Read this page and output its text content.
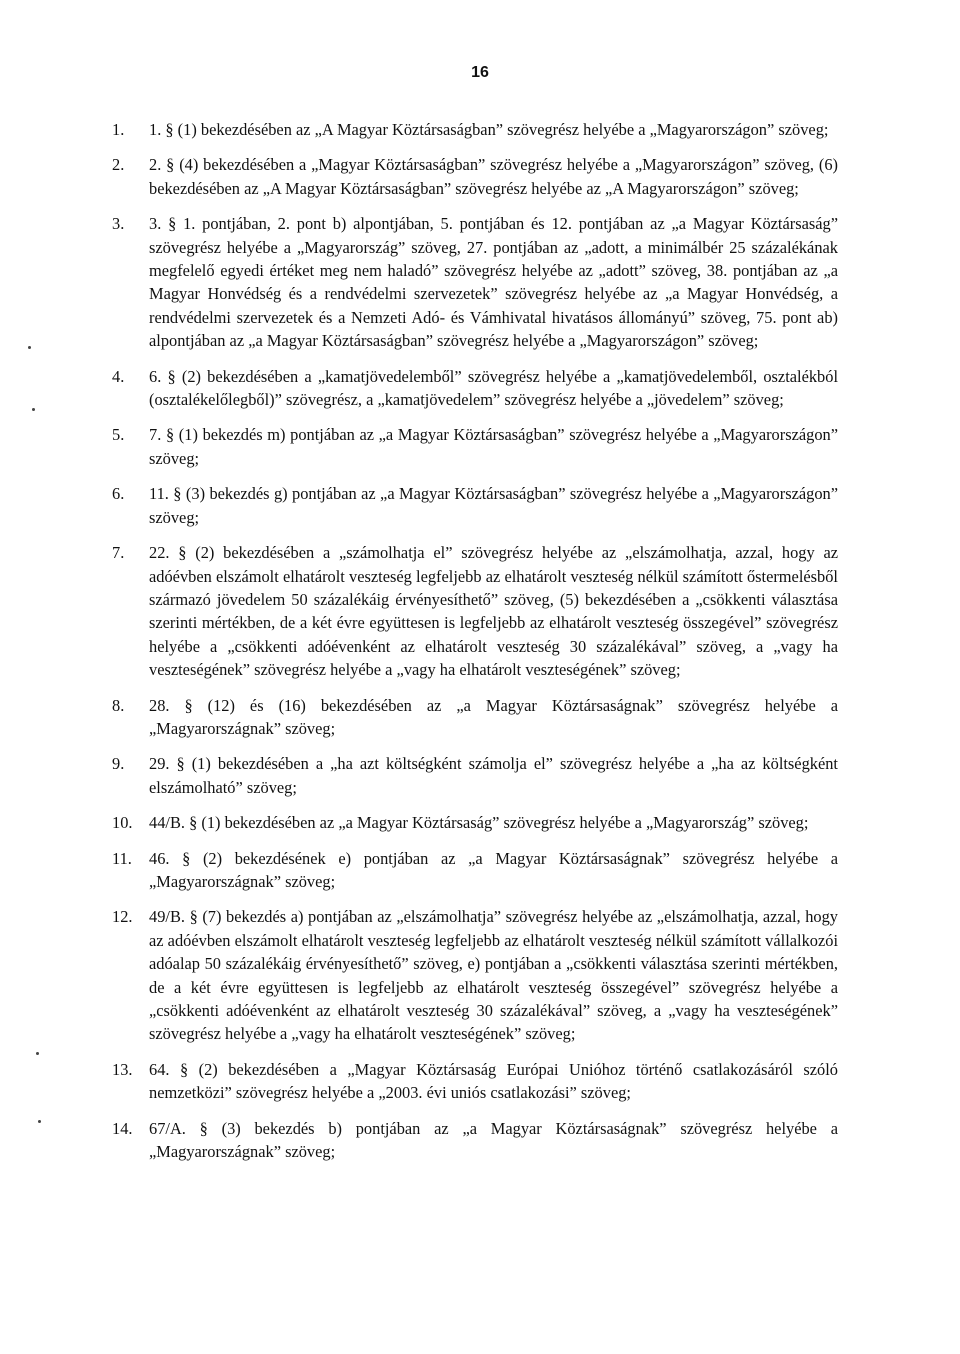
16
1.	1. § (1) bekezdésében az „A Magyar Köztársaságban” szövegrész helyébe a „Magyarországon” szöveg;
2.	2. § (4) bekezdésében a „Magyar Köztársaságban” szövegrész helyébe a „Magyarországon” szöveg, (6) bekezdésében az „A Magyar Köztársaságban” szövegrész helyébe az „A Magyarországon” szöveg;
3.	3. § 1. pontjában, 2. pont b) alpontjában, 5. pontjában és 12. pontjában az „a Magyar Köztársaság” szövegrész helyébe a „Magyarország” szöveg, 27. pontjában az „adott, a minimálbér 25 százalékának megfelelő egyedi értéket meg nem haladó” szövegrész helyébe az „adott” szöveg, 38. pontjában az „a Magyar Honvédség és a rendvédelmi szervezetek” szövegrész helyébe az „a Magyar Honvédség, a rendvédelmi szervezetek és a Nemzeti Adó- és Vámhivatal hivatásos állományú” szöveg, 75. pont ab) alpontjában az „a Magyar Köztársaságban” szövegrész helyébe a „Magyarországon” szöveg;
4.	6. § (2) bekezdésében a „kamatjövedelemből” szövegrész helyébe a „kamatjövedelemből, osztalékból (osztalékelőlegből)” szövegrész, a „kamatjövedelem” szövegrész helyébe a „jövedelem” szöveg;
5.	7. § (1) bekezdés m) pontjában az „a Magyar Köztársaságban” szövegrész helyébe a „Magyarországon” szöveg;
6.	11. § (3) bekezdés g) pontjában az „a Magyar Köztársaságban” szövegrész helyébe a „Magyarországon” szöveg;
7.	22. § (2) bekezdésében a „számolhatja el” szövegrész helyébe az „elszámolhatja, azzal, hogy az adóévben elszámolt elhatárolt veszteség legfeljebb az elhatárolt veszteség nélkül számított őstermelésből származó jövedelem 50 százalékáig érvényesíthető” szöveg, (5) bekezdésében a „csökkenti választása szerinti mértékben, de a két évre együttesen is legfeljebb az elhatárolt veszteség összegével” szövegrész helyébe a „csökkenti adóévenként az elhatárolt veszteség 30 százalékával” szöveg, a „vagy ha veszteségének” szövegrész helyébe a „vagy ha elhatárolt veszteségének” szöveg;
8.	28. § (12) és (16) bekezdésében az „a Magyar Köztársaságnak” szövegrész helyébe a „Magyarországnak” szöveg;
9.	29. § (1) bekezdésében a „ha azt költségként számolja el” szövegrész helyébe a „ha az költségként elszámolható” szöveg;
10.	44/B. § (1) bekezdésében az „a Magyar Köztársaság” szövegrész helyébe a „Magyarország” szöveg;
11.	46. § (2) bekezdésének e) pontjában az „a Magyar Köztársaságnak” szövegrész helyébe a „Magyarországnak” szöveg;
12.	49/B. § (7) bekezdés a) pontjában az „elszámolhatja” szövegrész helyébe az „elszámolhatja, azzal, hogy az adóévben elszámolt elhatárolt veszteség legfeljebb az elhatárolt veszteség nélkül számított vállalkozói adóalap 50 százalékáig érvényesíthető” szöveg, e) pontjában a „csökkenti választása szerinti mértékben, de a két évre együttesen is legfeljebb az elhatárolt veszteség összegével” szövegrész helyébe a „csökkenti adóévenként az elhatárolt veszteség 30 százalékával” szöveg, a „vagy ha veszteségének” szövegrész helyébe a „vagy ha elhatárolt veszteségének” szöveg;
13.	64. § (2) bekezdésében a „Magyar Köztársaság Európai Unióhoz történő csatlakozásáról szóló nemzetközi” szövegrész helyébe a „2003. évi uniós csatlakozási” szöveg;
14.	67/A. § (3) bekezdés b) pontjában az „a Magyar Köztársaságnak” szövegrész helyébe a „Magyarországnak” szöveg;
